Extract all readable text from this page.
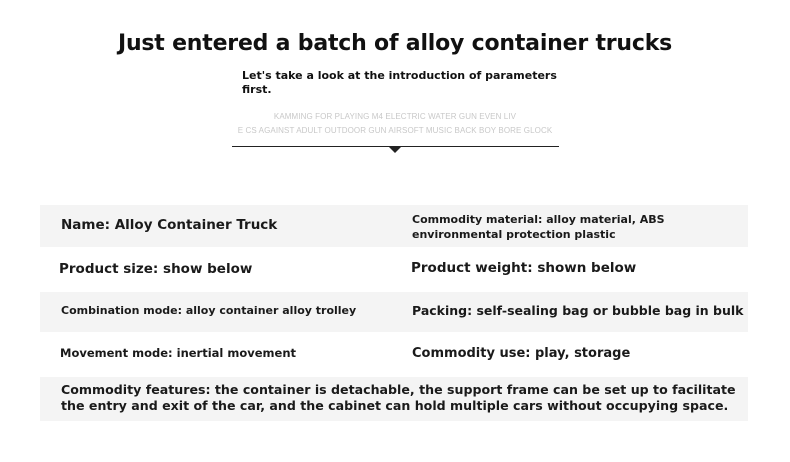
Just entered a batch of alloy container trucks
Let's take a look at the introduction of parameters first.
KAMMING FOR PLAYING M4 ELECTRIC WATER GUN EVEN LIV
E CS AGAINST ADULT OUTDOOR GUN AIRSOFT MUSIC BACK BOY BORE GLOCK
Name: Alloy Container Truck	Commodity material: alloy material, ABS environmental protection plastic
Product size: show below	Product weight: shown below
Combination mode: alloy container alloy trolley	Packing: self-sealing bag or bubble bag in bulk
Movement mode: inertial movement	Commodity use: play, storage
Commodity features: the container is detachable, the support frame can be set up to facilitate the entry and exit of the car, and the cabinet can hold multiple cars without occupying space.
